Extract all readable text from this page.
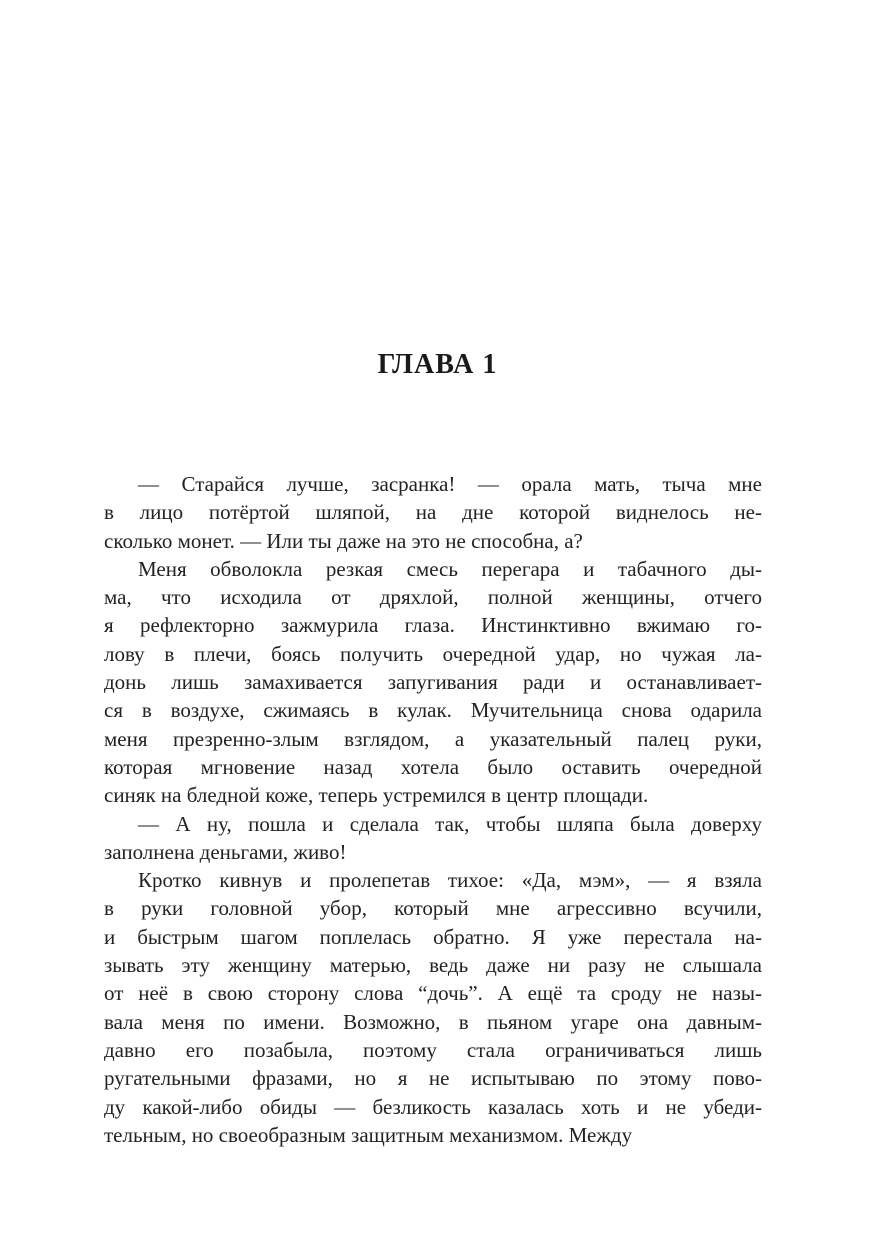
ГЛАВА 1
— Старайся лучше, засранка! — орала мать, тыча мне
в лицо потёртой шляпой, на дне которой виднелось не-
сколько монет. — Или ты даже на это не способна, а?
Меня обволокла резкая смесь перегара и табачного ды-
ма, что исходила от дряхлой, полной женщины, отчего
я рефлекторно зажмурила глаза. Инстинктивно вжимаю го-
лову в плечи, боясь получить очередной удар, но чужая ла-
донь лишь замахивается запугивания ради и останавливает-
ся в воздухе, сжимаясь в кулак. Мучительница снова одарила
меня презренно-злым взглядом, а указательный палец руки,
которая мгновение назад хотела было оставить очередной
синяк на бледной коже, теперь устремился в центр площади.
— А ну, пошла и сделала так, чтобы шляпа была доверху
заполнена деньгами, живо!
Кротко кивнув и пролепетав тихое: «Да, мэм», — я взяла
в руки головной убор, который мне агрессивно всучили,
и быстрым шагом поплелась обратно. Я уже перестала на-
зывать эту женщину матерью, ведь даже ни разу не слышала
от неё в свою сторону слова “дочь”. А ещё та сроду не назы-
вала меня по имени. Возможно, в пьяном угаре она давным-
давно его позабыла, поэтому стала ограничиваться лишь
ругательными фразами, но я не испытываю по этому пово-
ду какой-либо обиды — безликость казалась хоть и не убеди-
тельным, но своеобразным защитным механизмом. Между
